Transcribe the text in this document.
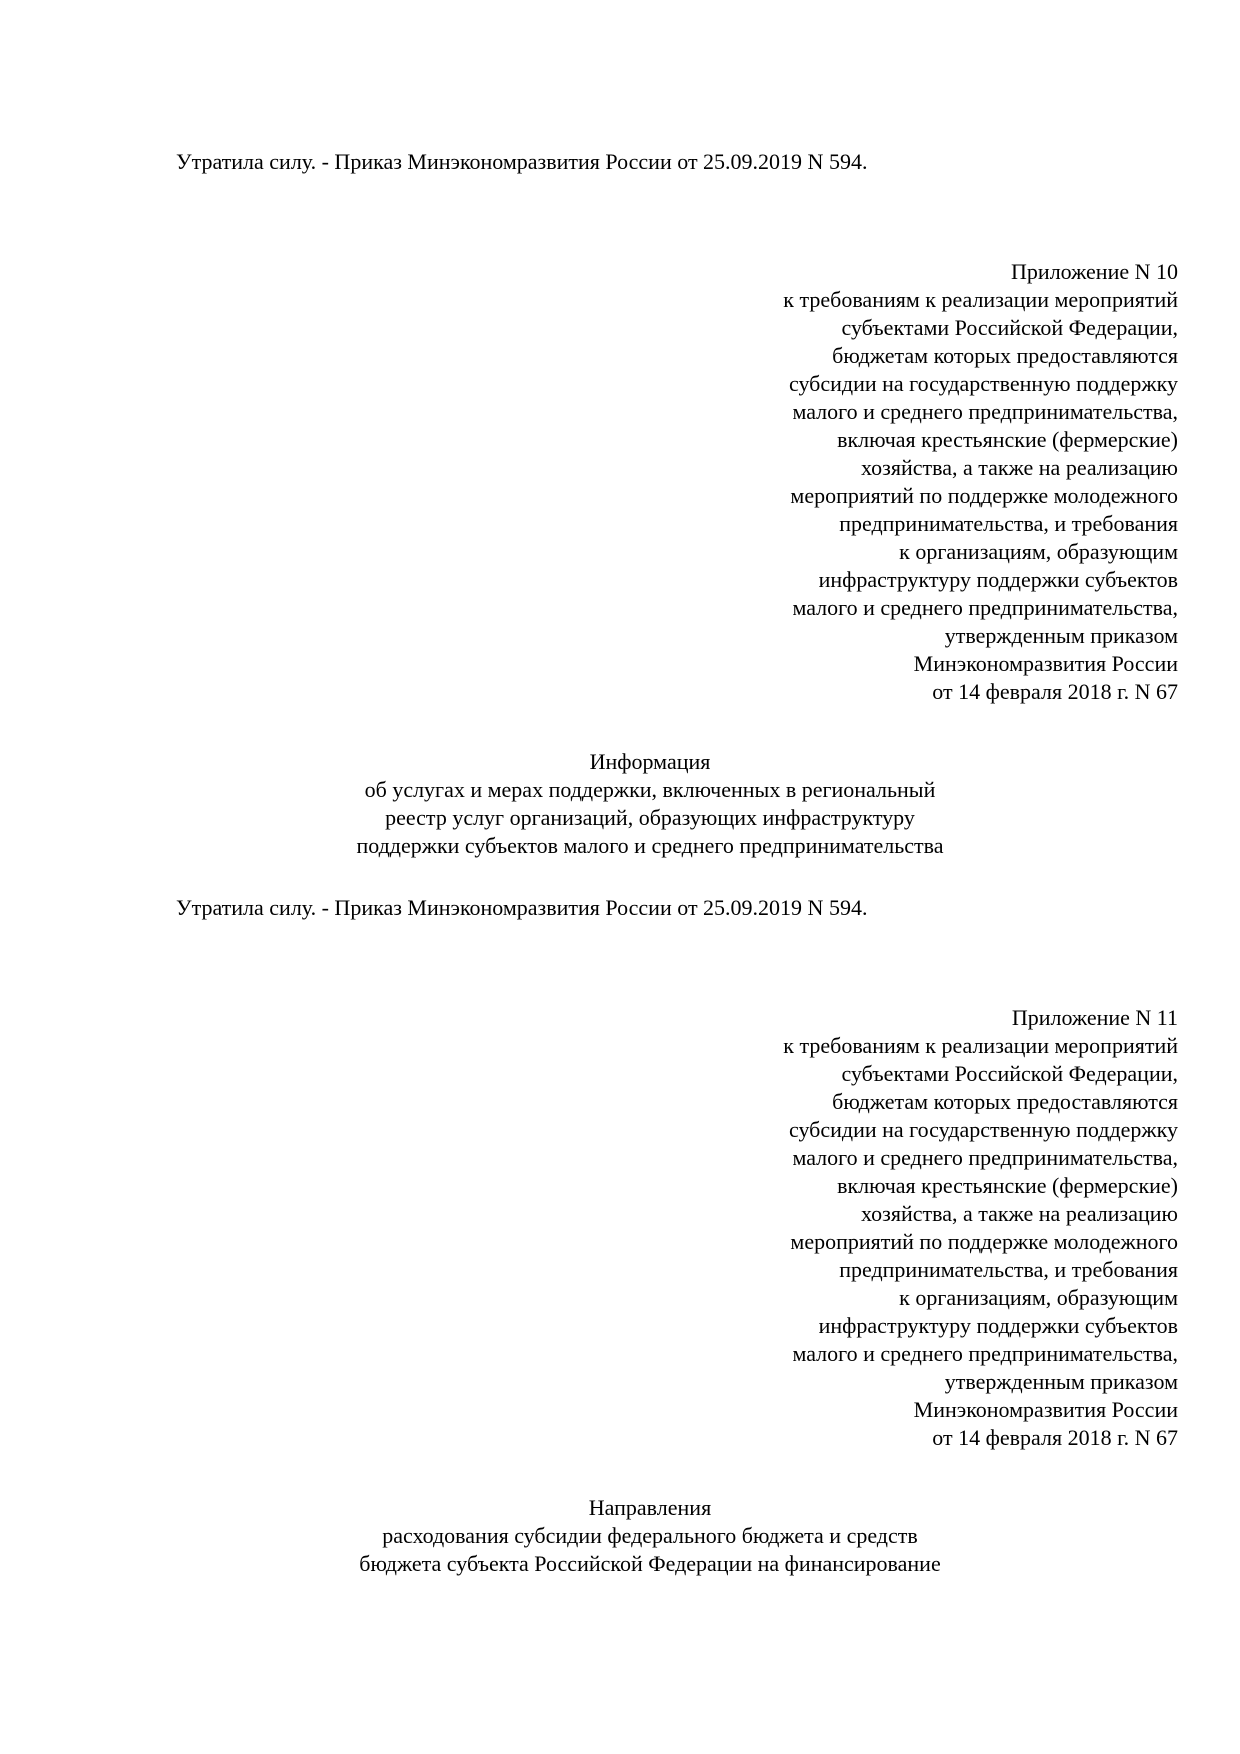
Утратила силу. - Приказ Минэкономразвития России от 25.09.2019 N 594.
Приложение N 10
к требованиям к реализации мероприятий
субъектами Российской Федерации,
бюджетам которых предоставляются
субсидии на государственную поддержку
малого и среднего предпринимательства,
включая крестьянские (фермерские)
хозяйства, а также на реализацию
мероприятий по поддержке молодежного
предпринимательства, и требования
к организациям, образующим
инфраструктуру поддержки субъектов
малого и среднего предпринимательства,
утвержденным приказом
Минэкономразвития России
от 14 февраля 2018 г. N 67
Информация
об услугах и мерах поддержки, включенных в региональный
реестр услуг организаций, образующих инфраструктуру
поддержки субъектов малого и среднего предпринимательства
Утратила силу. - Приказ Минэкономразвития России от 25.09.2019 N 594.
Приложение N 11
к требованиям к реализации мероприятий
субъектами Российской Федерации,
бюджетам которых предоставляются
субсидии на государственную поддержку
малого и среднего предпринимательства,
включая крестьянские (фермерские)
хозяйства, а также на реализацию
мероприятий по поддержке молодежного
предпринимательства, и требования
к организациям, образующим
инфраструктуру поддержки субъектов
малого и среднего предпринимательства,
утвержденным приказом
Минэкономразвития России
от 14 февраля 2018 г. N 67
Направления
расходования субсидии федерального бюджета и средств
бюджета субъекта Российской Федерации на финансирование
